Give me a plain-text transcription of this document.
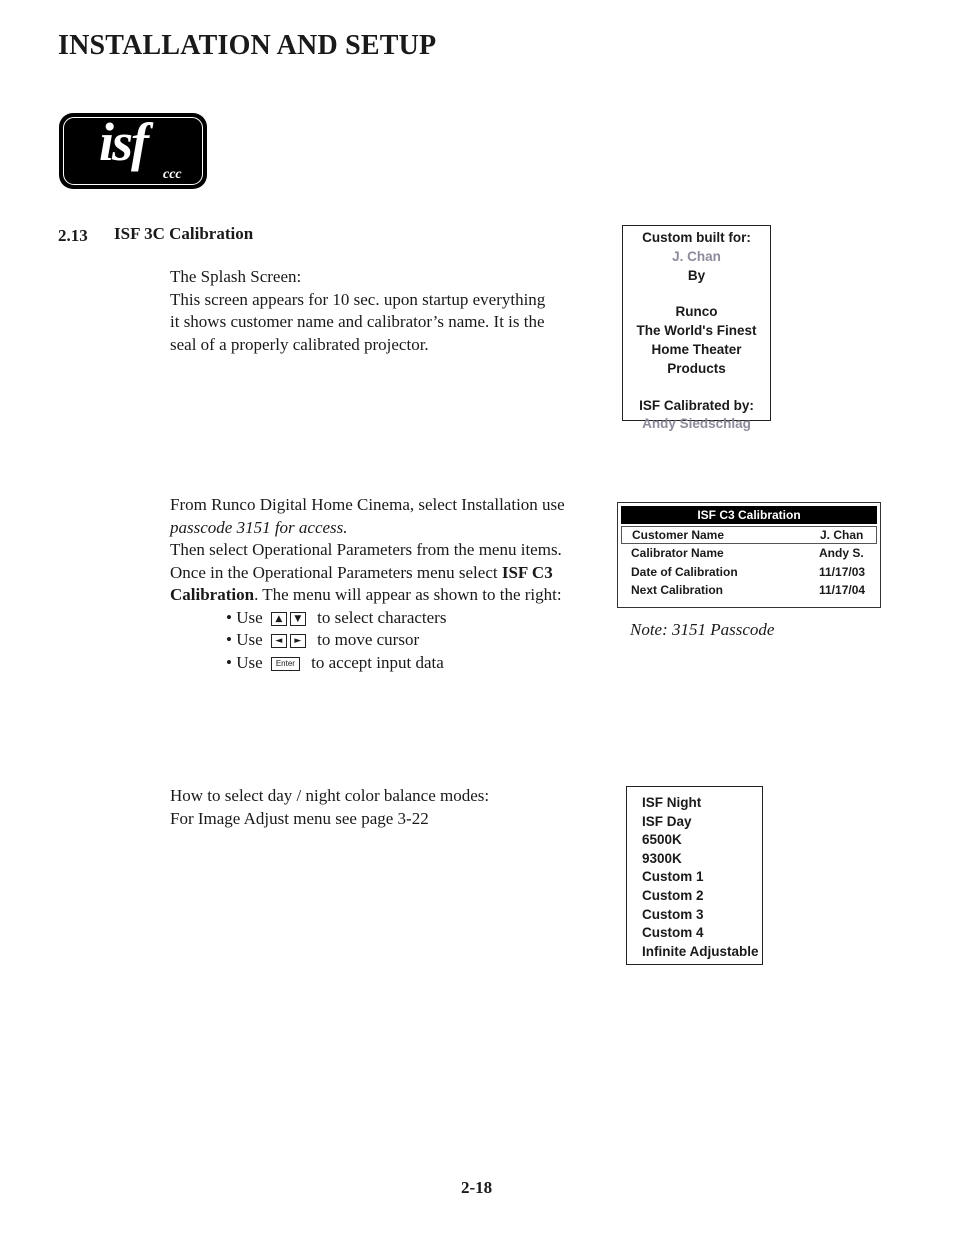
INSTALLATION AND SETUP
isf
ccc
2.13 ISF 3C Calibration
The Splash Screen:
This screen appears for 10 sec. upon startup everything
it shows customer name and calibrator’s name. It is the
seal of a properly calibrated projector.
Custom built for:
J. Chan
By
Runco
The World's Finest
Home Theater Products
ISF Calibrated by:
Andy Siedschlag
From Runco Digital Home Cinema, select Installation use
passcode 3151 for access.
Then select Operational Parameters from the menu items.
Once in the Operational Parameters menu select ISF C3
Calibration. The menu will appear as shown to the right:
• Use ▲ ▼ to select characters
• Use ◄ ► to move cursor
• Use Enter to accept input data
ISF C3 Calibration
Customer Name	J. Chan
Calibrator Name	Andy S.
Date of Calibration	11/17/03
Next Calibration	11/17/04
Note: 3151 Passcode
How to select day / night color balance modes:
For Image Adjust menu see page 3-22
ISF Night
ISF Day
6500K
9300K
Custom 1
Custom 2
Custom 3
Custom 4
Infinite Adjustable
2-18
